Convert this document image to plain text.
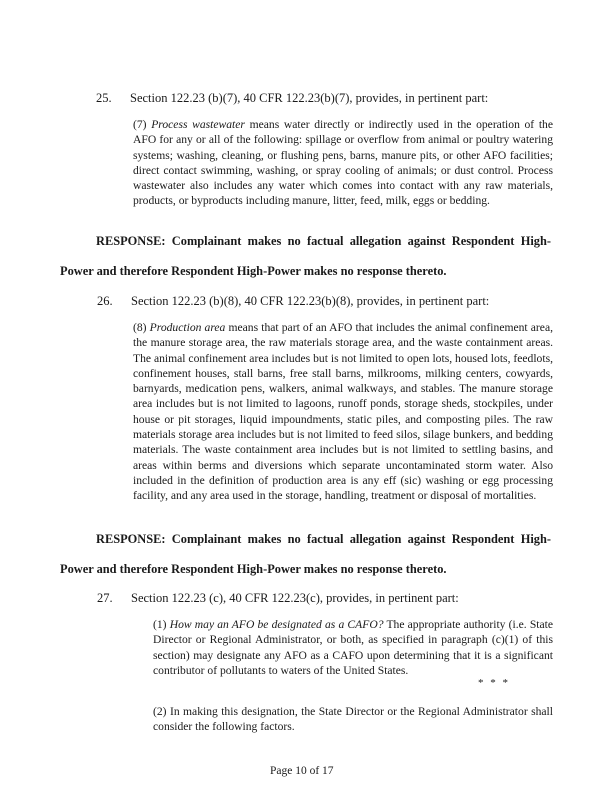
25. Section 122.23 (b)(7), 40 CFR 122.23(b)(7), provides, in pertinent part:
(7) Process wastewater means water directly or indirectly used in the operation of the AFO for any or all of the following: spillage or overflow from animal or poultry watering systems; washing, cleaning, or flushing pens, barns, manure pits, or other AFO facilities; direct contact swimming, washing, or spray cooling of animals; or dust control. Process wastewater also includes any water which comes into contact with any raw materials, products, or byproducts including manure, litter, feed, milk, eggs or bedding.
RESPONSE: Complainant makes no factual allegation against Respondent High-
Power and therefore Respondent High-Power makes no response thereto.
26. Section 122.23 (b)(8), 40 CFR 122.23(b)(8), provides, in pertinent part:
(8) Production area means that part of an AFO that includes the animal confinement area, the manure storage area, the raw materials storage area, and the waste containment areas. The animal confinement area includes but is not limited to open lots, housed lots, feedlots, confinement houses, stall barns, free stall barns, milkrooms, milking centers, cowyards, barnyards, medication pens, walkers, animal walkways, and stables. The manure storage area includes but is not limited to lagoons, runoff ponds, storage sheds, stockpiles, under house or pit storages, liquid impoundments, static piles, and composting piles. The raw materials storage area includes but is not limited to feed silos, silage bunkers, and bedding materials. The waste containment area includes but is not limited to settling basins, and areas within berms and diversions which separate uncontaminated storm water. Also included in the definition of production area is any eff (sic) washing or egg processing facility, and any area used in the storage, handling, treatment or disposal of mortalities.
RESPONSE: Complainant makes no factual allegation against Respondent High-
Power and therefore Respondent High-Power makes no response thereto.
27. Section 122.23 (c), 40 CFR 122.23(c), provides, in pertinent part:
(1) How may an AFO be designated as a CAFO? The appropriate authority (i.e. State Director or Regional Administrator, or both, as specified in paragraph (c)(1) of this section) may designate any AFO as a CAFO upon determining that it is a significant contributor of pollutants to waters of the United States.
* * *
(2) In making this designation, the State Director or the Regional Administrator shall consider the following factors.
Page 10 of 17
